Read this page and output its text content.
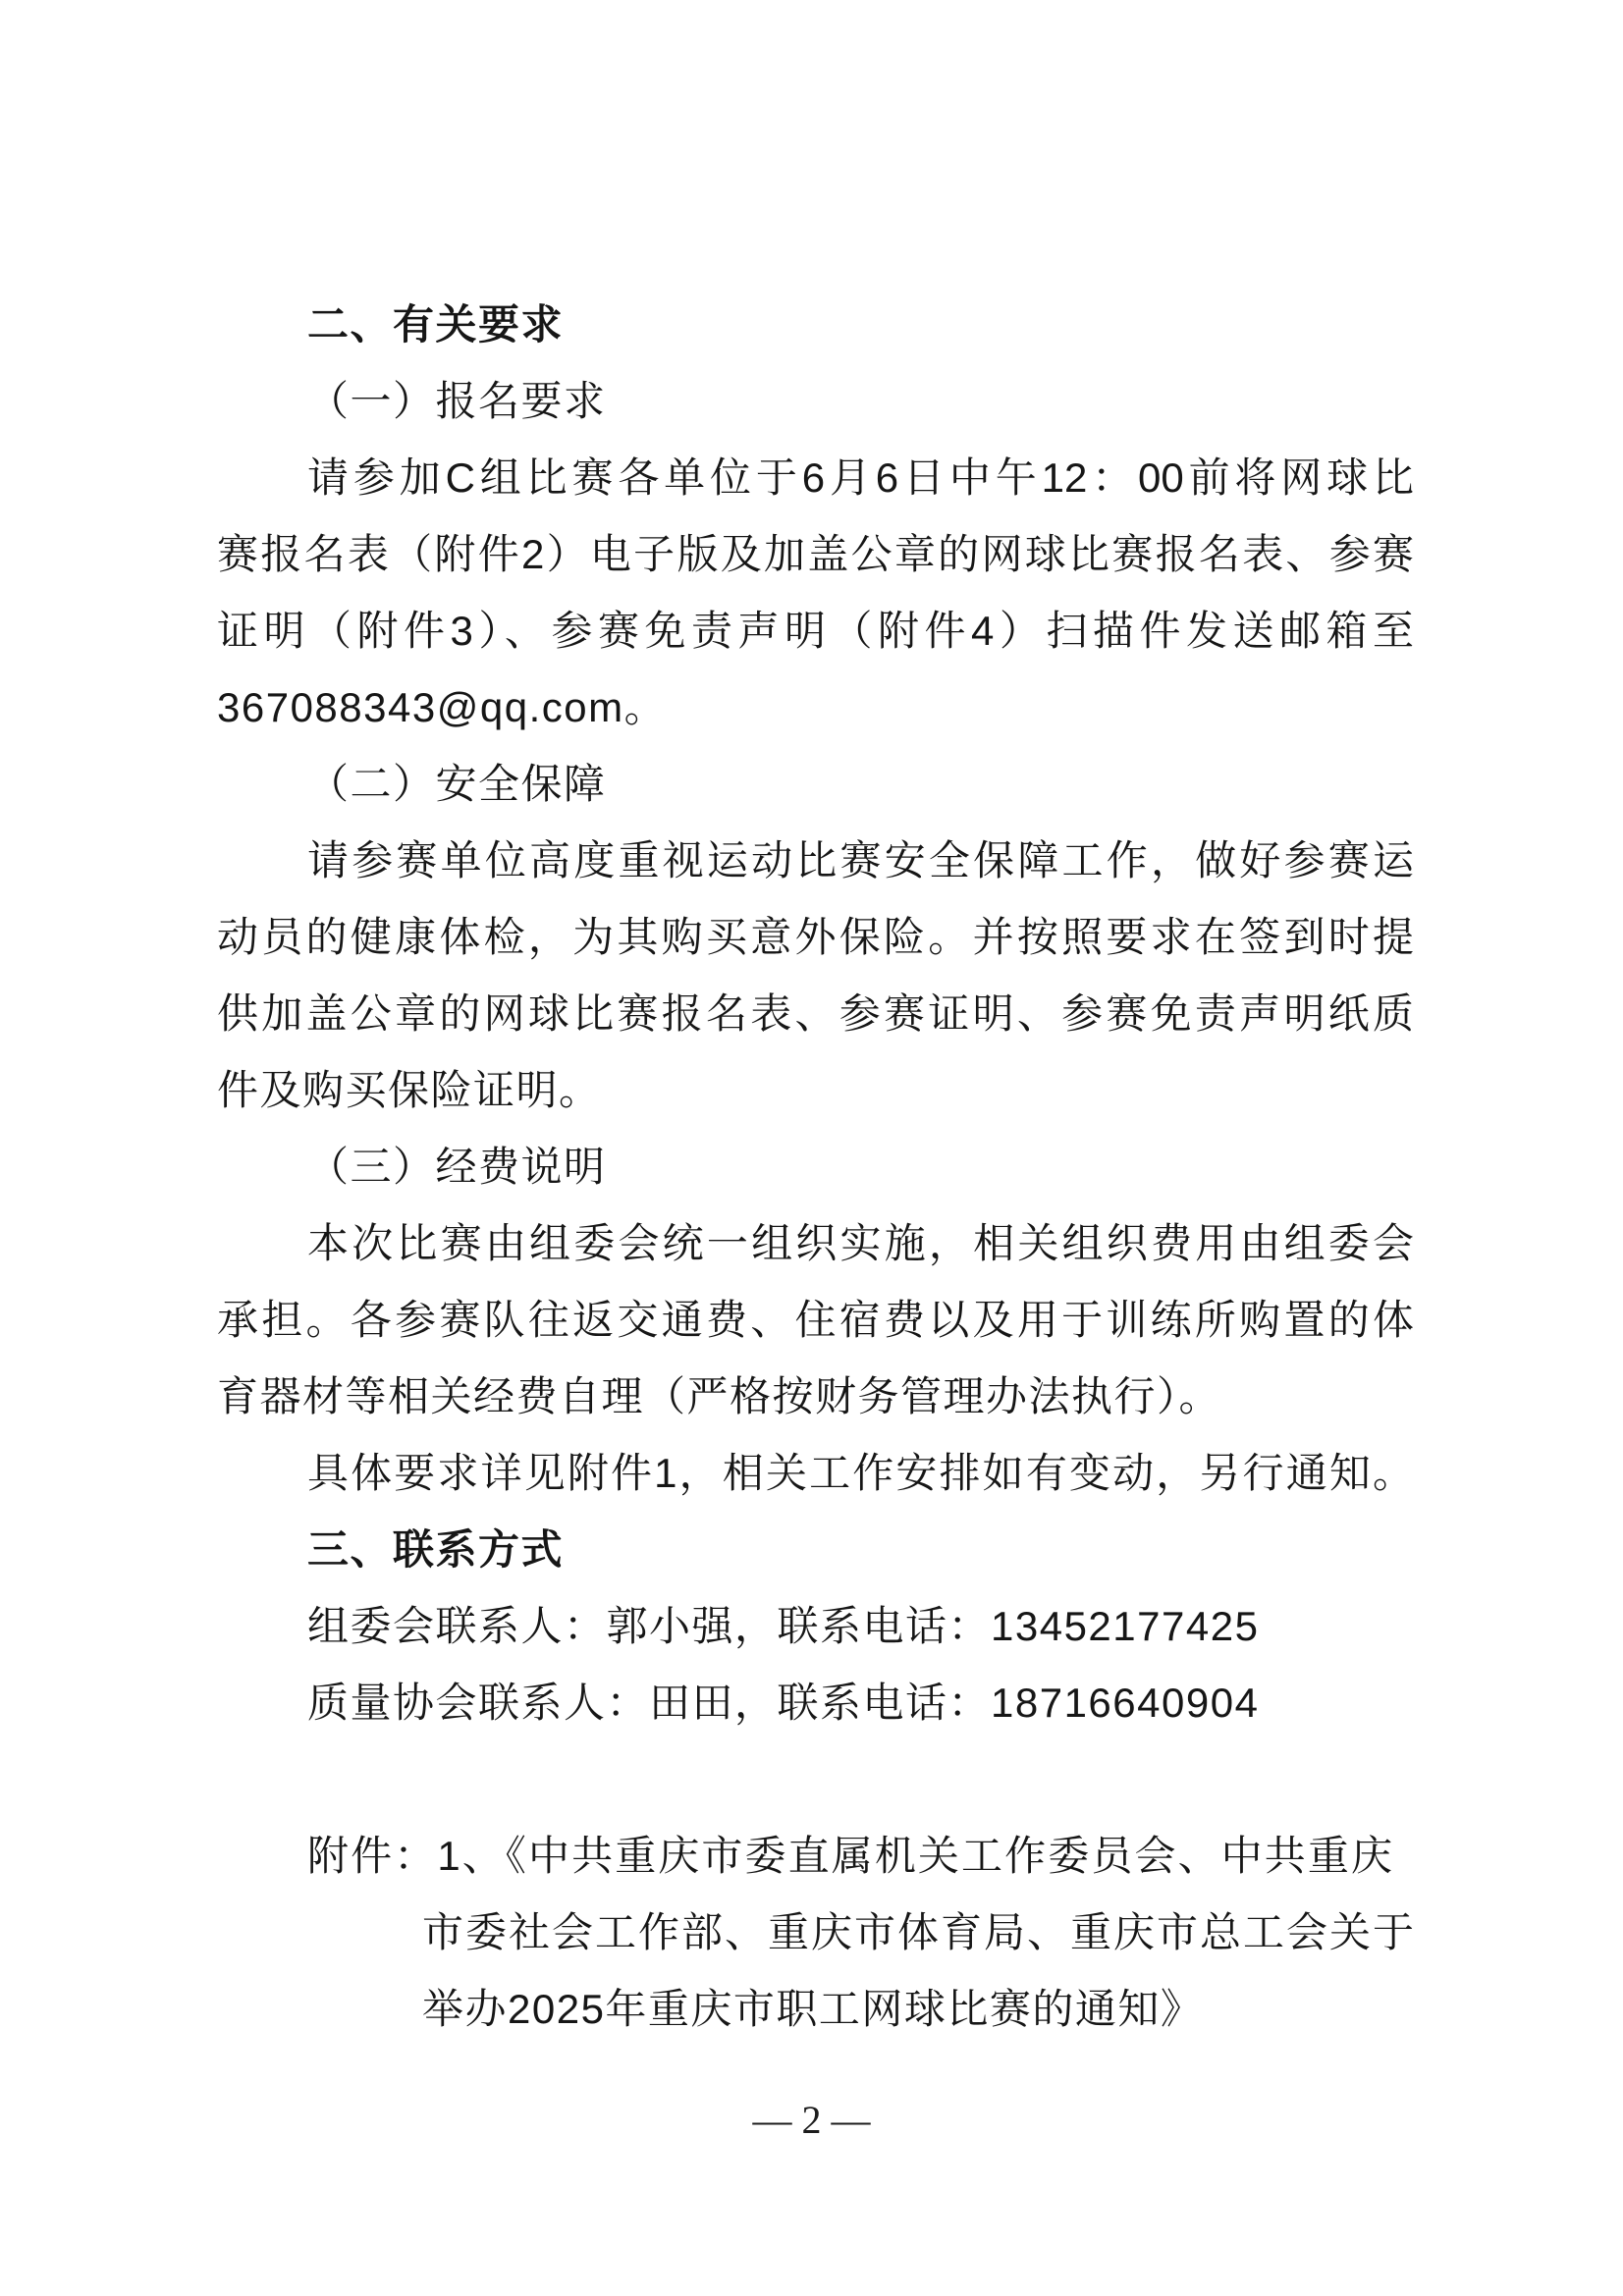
二、有关要求
（一）报名要求
请参加C组比赛各单位于6月6日中午12：00前将网球比
赛报名表（附件2）电子版及加盖公章的网球比赛报名表、参赛
证明（附件3）、参赛免责声明（附件4）扫描件发送邮箱至
367088343@qq.com。
（二）安全保障
请参赛单位高度重视运动比赛安全保障工作，做好参赛运
动员的健康体检，为其购买意外保险。并按照要求在签到时提
供加盖公章的网球比赛报名表、参赛证明、参赛免责声明纸质
件及购买保险证明。
（三）经费说明
本次比赛由组委会统一组织实施，相关组织费用由组委会
承担。各参赛队往返交通费、住宿费以及用于训练所购置的体
育器材等相关经费自理（严格按财务管理办法执行）。
具体要求详见附件1，相关工作安排如有变动，另行通知。
三、联系方式
组委会联系人：郭小强，联系电话：13452177425
质量协会联系人：田田，联系电话：18716640904
附件：1、《中共重庆市委直属机关工作委员会、中共重庆
市委社会工作部、重庆市体育局、重庆市总工会关于
举办2025年重庆市职工网球比赛的通知》
— 2 —
